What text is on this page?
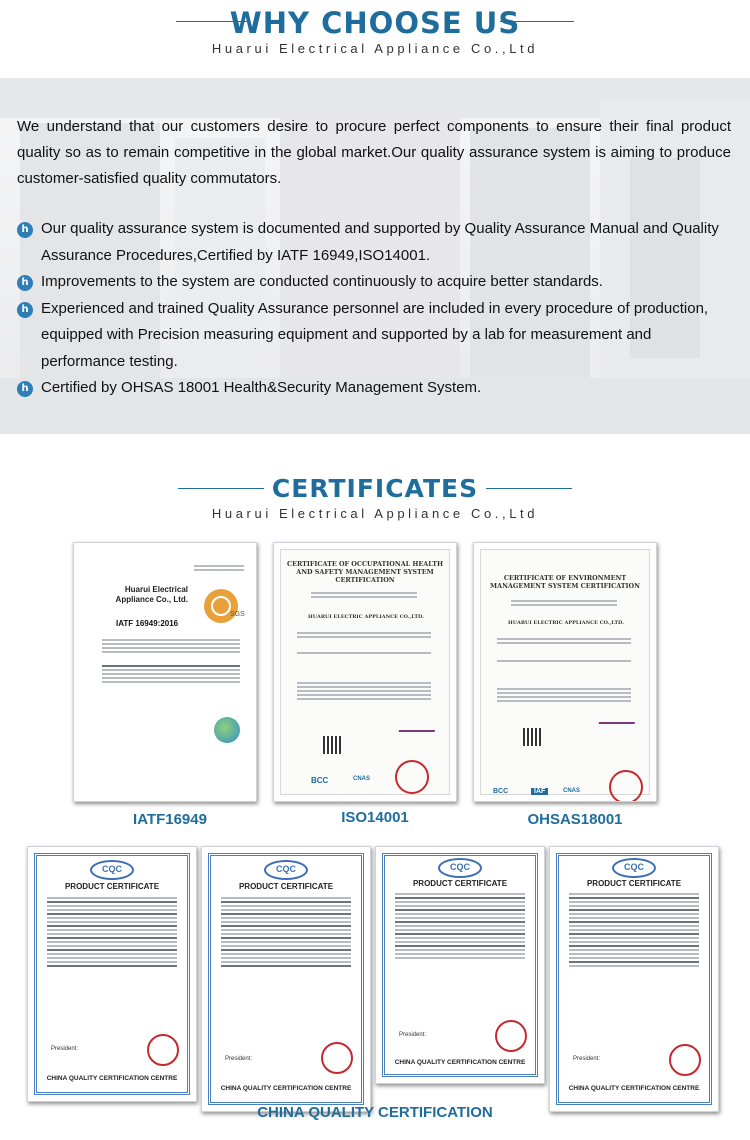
WHY CHOOSE US
Huarui Electrical Appliance Co.,Ltd
We understand that our customers desire to procure perfect components to ensure their final product quality so as to remain competitive in the global market.Our quality assurance system is aiming to produce customer-satisfied quality commutators.
h Our quality assurance system is documented and supported by Quality Assurance Manual and Quality Assurance Procedures,Certified by IATF 16949,ISO14001.
h Improvements to the system are conducted continuously to acquire better standards.
h Experienced and trained Quality Assurance personnel are included in every procedure of production, equipped with Precision measuring equipment and supported by a lab for measurement and performance testing.
h Certified by OHSAS 18001 Health&Security Management System.
CERTIFICATES
Huarui Electrical Appliance Co.,Ltd
Huarui Electrical Appliance Co., Ltd.
IATF 16949:2016
SGS
CERTIFICATE OF OCCUPATIONAL HEALTH AND SAFETY MANAGEMENT SYSTEM CERTIFICATION
HUARUI ELECTRIC APPLIANCE CO.,LTD.
BCC	CNAS
CERTIFICATE OF ENVIRONMENT MANAGEMENT SYSTEM CERTIFICATION
HUARUI ELECTRIC APPLIANCE CO.,LTD.
BCC	IAF	CNAS
IATF16949	ISO14001	OHSAS18001
CQC
PRODUCT CERTIFICATE
President:
CHINA QUALITY CERTIFICATION CENTRE
CQC
PRODUCT CERTIFICATE
President:
CHINA QUALITY CERTIFICATION CENTRE
CQC
PRODUCT CERTIFICATE
President:
CHINA QUALITY CERTIFICATION CENTRE
CQC
PRODUCT CERTIFICATE
President:
CHINA QUALITY CERTIFICATION CENTRE
CHINA QUALITY CERTIFICATION
